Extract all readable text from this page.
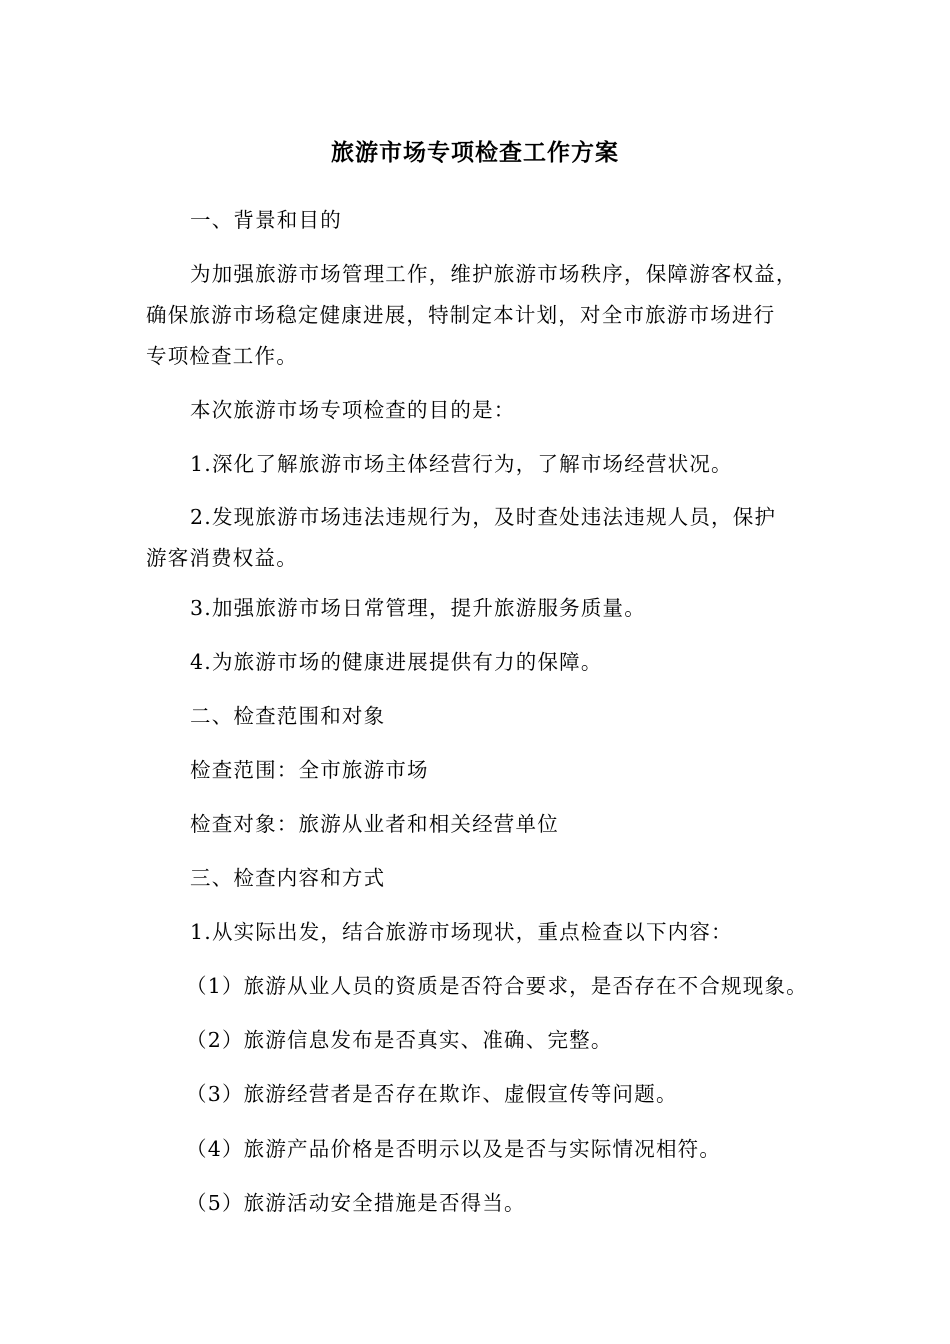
旅游市场专项检查工作方案
一、背景和目的
为加强旅游市场管理工作，维护旅游市场秩序，保障游客权益，
确保旅游市场稳定健康进展，特制定本计划，对全市旅游市场进行
专项检查工作。
本次旅游市场专项检查的目的是：
1.深化了解旅游市场主体经营行为，了解市场经营状况。
2.发现旅游市场违法违规行为，及时查处违法违规人员，保护
游客消费权益。
3.加强旅游市场日常管理，提升旅游服务质量。
4.为旅游市场的健康进展提供有力的保障。
二、检查范围和对象
检查范围：全市旅游市场
检查对象：旅游从业者和相关经营单位
三、检查内容和方式
1.从实际出发，结合旅游市场现状，重点检查以下内容：
（1）旅游从业人员的资质是否符合要求，是否存在不合规现象。
（2）旅游信息发布是否真实、准确、完整。
（3）旅游经营者是否存在欺诈、虚假宣传等问题。
（4）旅游产品价格是否明示以及是否与实际情况相符。
（5）旅游活动安全措施是否得当。
